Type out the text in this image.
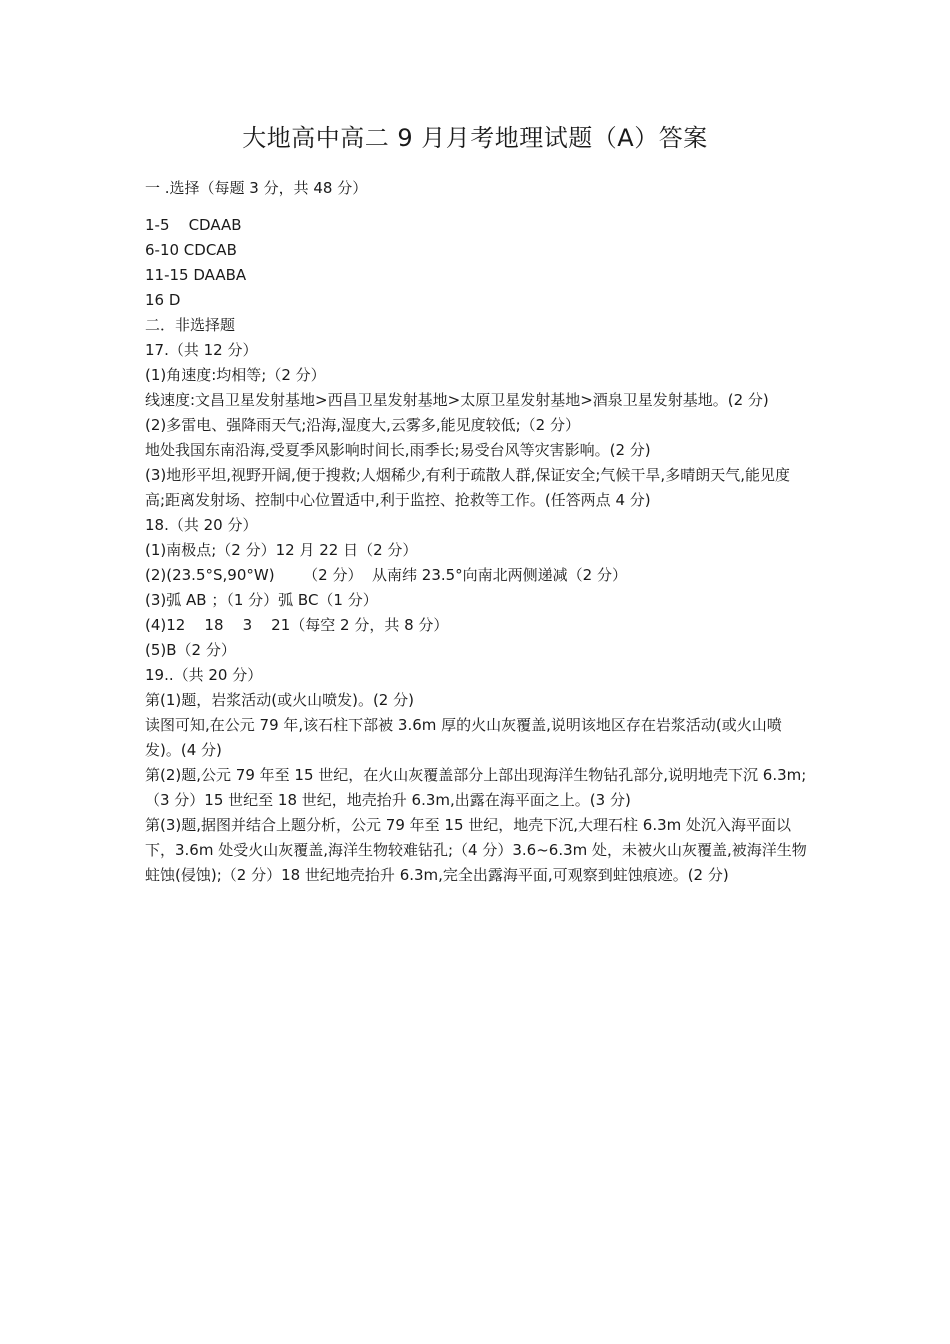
大地高中高二 9 月月考地理试题（A）答案

一 .选择（每题 3 分，共 48 分）

1-5    CDAAB

6-10 CDCAB

11-15 DAABA

16 D

二．非选择题

17.（共 12 分）

(1)角速度:均相等;（2 分）

线速度:文昌卫星发射基地>西昌卫星发射基地>太原卫星发射基地>酒泉卫星发射基地。(2 分)

(2)多雷电、强降雨天气;沿海,湿度大,云雾多,能见度较低;（2 分）

地处我国东南沿海,受夏季风影响时间长,雨季长;易受台风等灾害影响。(2 分)

(3)地形平坦,视野开阔,便于搜救;人烟稀少,有利于疏散人群,保证安全;气候干旱,多晴朗天气,能见度高;距离发射场、控制中心位置适中,利于监控、抢救等工作。(任答两点 4 分)

18.（共 20 分）

(1)南极点;（2 分）12 月 22 日（2 分）

(2)(23.5°S,90°W)      （2 分）  从南纬 23.5°向南北两侧递减（2 分）

(3)弧 AB ；（1 分）弧 BC（1 分）

(4)12    18    3    21（每空 2 分，共 8 分）

(5)B（2 分）

19..（共 20 分）

第(1)题，岩浆活动(或火山喷发)。(2 分)

读图可知,在公元 79 年,该石柱下部被 3.6m 厚的火山灰覆盖,说明该地区存在岩浆活动(或火山喷发)。(4 分)

第(2)题,公元 79 年至 15 世纪，在火山灰覆盖部分上部出现海洋生物钻孔部分,说明地壳下沉 6.3m;（3 分）15 世纪至 18 世纪，地壳抬升 6.3m,出露在海平面之上。(3 分)

第(3)题,据图并结合上题分析，公元 79 年至 15 世纪，地壳下沉,大理石柱 6.3m 处沉入海平面以下，3.6m 处受火山灰覆盖,海洋生物较难钻孔;（4 分）3.6~6.3m 处，未被火山灰覆盖,被海洋生物蛀蚀(侵蚀);（2 分）18 世纪地壳抬升 6.3m,完全出露海平面,可观察到蛀蚀痕迹。(2 分)
